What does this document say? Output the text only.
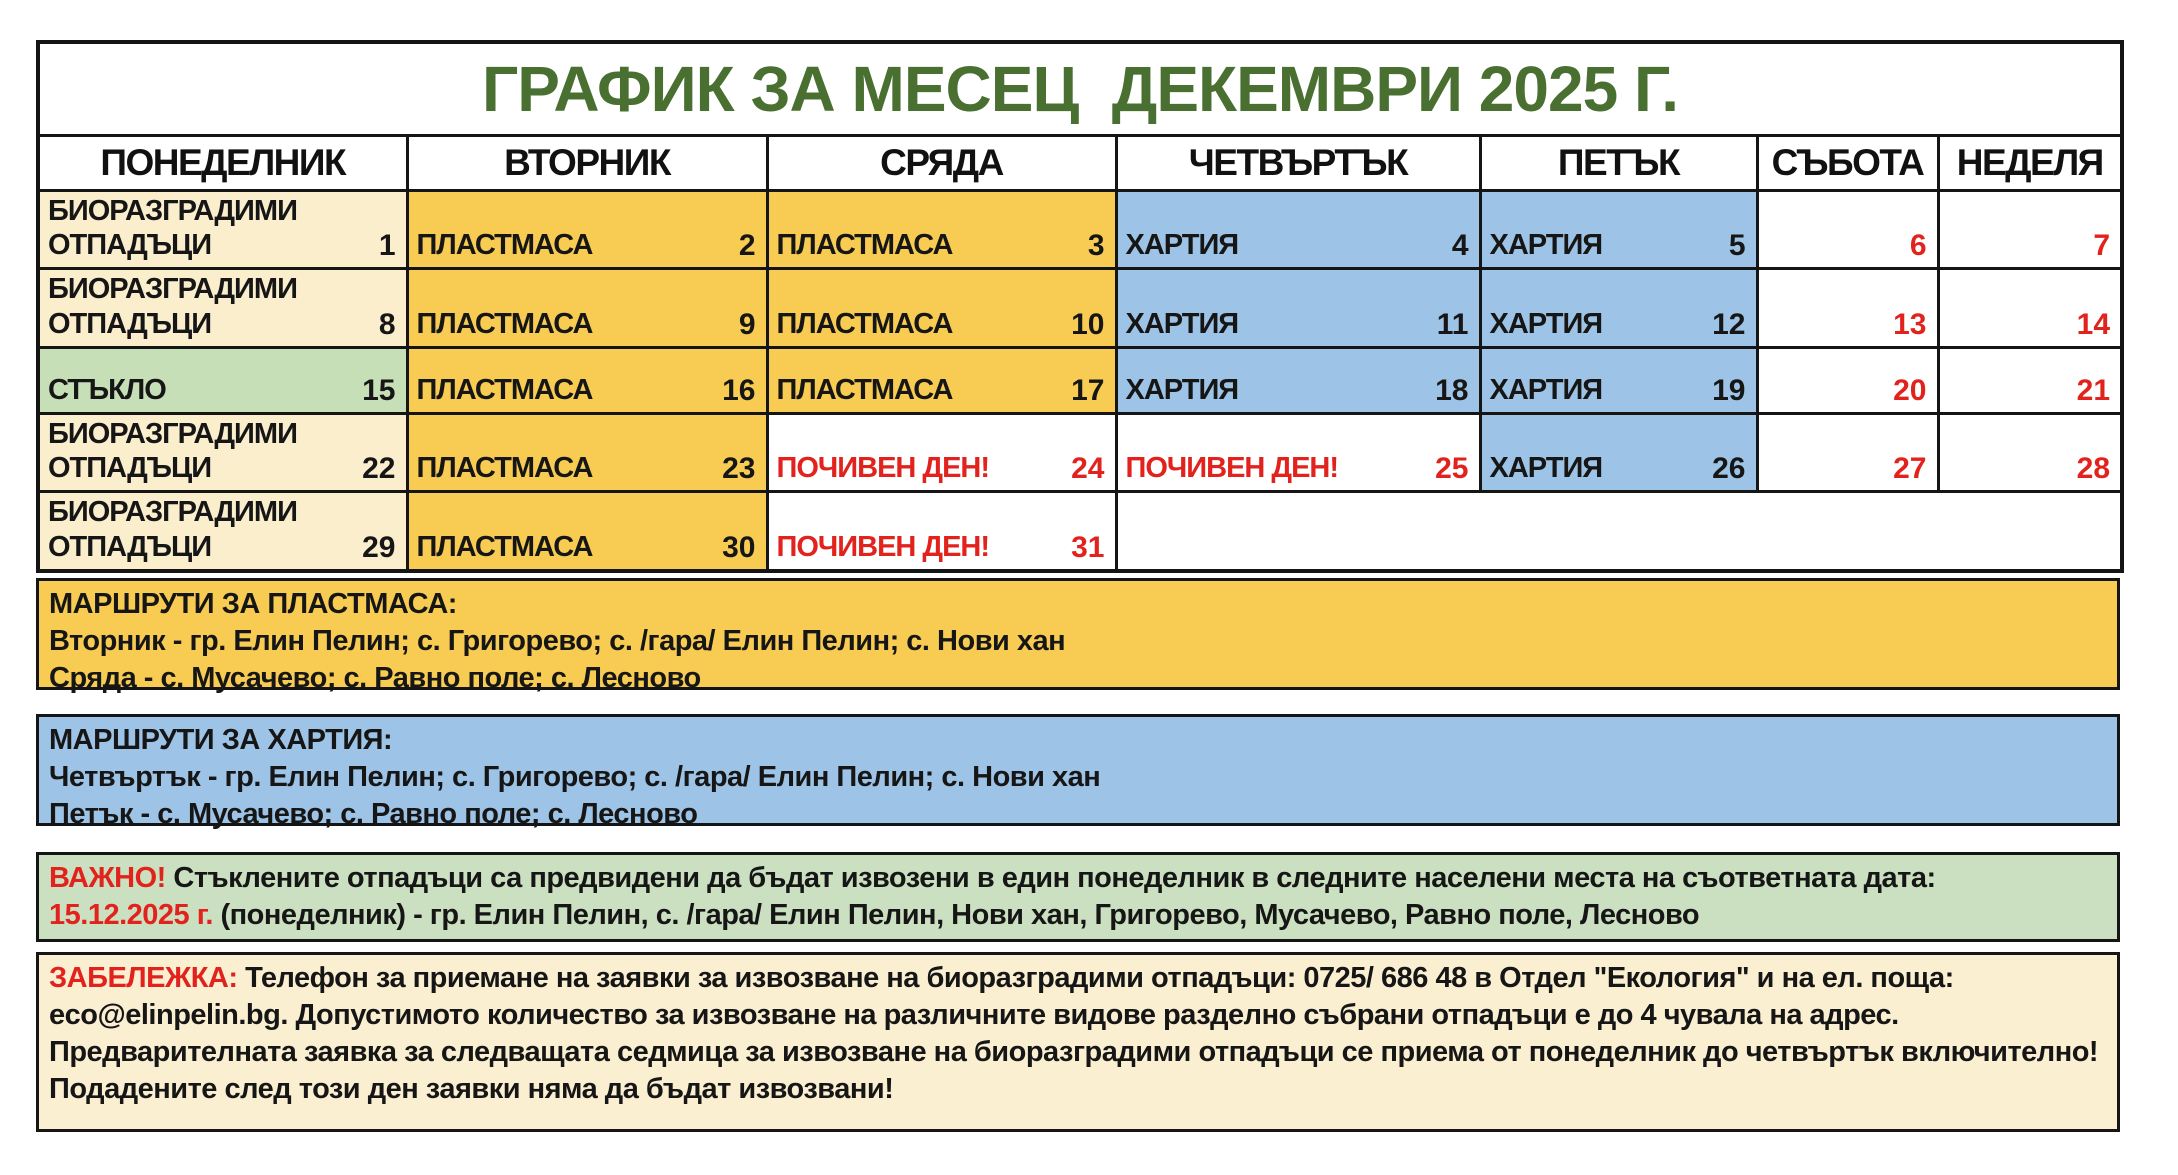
ГРАФИК ЗА МЕСЕЦ  ДЕКЕМВРИ 2025 Г.						
ПОНЕДЕЛНИК	ВТОРНИК	СРЯДА	ЧЕТВЪРТЪК	ПЕТЪК	СЪБОТА	НЕДЕЛЯ

БИОРАЗГРАДИМИ ОТПАДЪЦИ 1	ПЛАСТМАСА 2	ПЛАСТМАСА 3	ХАРТИЯ 4	ХАРТИЯ 5	6	7

БИОРАЗГРАДИМИ ОТПАДЪЦИ 8	ПЛАСТМАСА 9	ПЛАСТМАСА 10	ХАРТИЯ 11	ХАРТИЯ 12	13	14

СТЪКЛО 15	ПЛАСТМАСА 16	ПЛАСТМАСА 17	ХАРТИЯ 18	ХАРТИЯ 19	20	21

БИОРАЗГРАДИМИ ОТПАДЪЦИ 22	ПЛАСТМАСА 23	ПОЧИВЕН ДЕН! 24	ПОЧИВЕН ДЕН! 25	ХАРТИЯ 26	27	28

БИОРАЗГРАДИМИ ОТПАДЪЦИ 29	ПЛАСТМАСА 30	ПОЧИВЕН ДЕН! 31				

МАРШРУТИ ЗА ПЛАСТМАСА:
Вторник - гр. Елин Пелин; с. Григорево; с. /гара/ Елин Пелин; с. Нови хан
Сряда - с. Мусачево; с. Равно поле; с. Лесново
МАРШРУТИ ЗА ХАРТИЯ:
Четвъртък - гр. Елин Пелин; с. Григорево; с. /гара/ Елин Пелин; с. Нови хан
Петък - с. Мусачево; с. Равно поле; с. Лесново
ВАЖНО! Стъклените отпадъци са предвидени да бъдат извозени в един понеделник в следните населени места на съответната дата:
15.12.2025 г. (понеделник) - гр. Елин Пелин, с. /гара/ Елин Пелин, Нови хан, Григорево, Мусачево, Равно поле, Лесново
ЗАБЕЛЕЖКА: Телефон за приемане на заявки за извозване на биоразградими отпадъци: 0725/ 686 48 в Отдел "Екология" и на ел. поща: eco@elinpelin.bg. Допустимото количество за извозване на различните видове разделно събрани отпадъци е до 4 чувала на адрес. Предварителната заявка за следващата седмица за извозване на биоразградими отпадъци се приема от понеделник до четвъртък включително! Подадените след този ден заявки няма да бъдат извозвани!
